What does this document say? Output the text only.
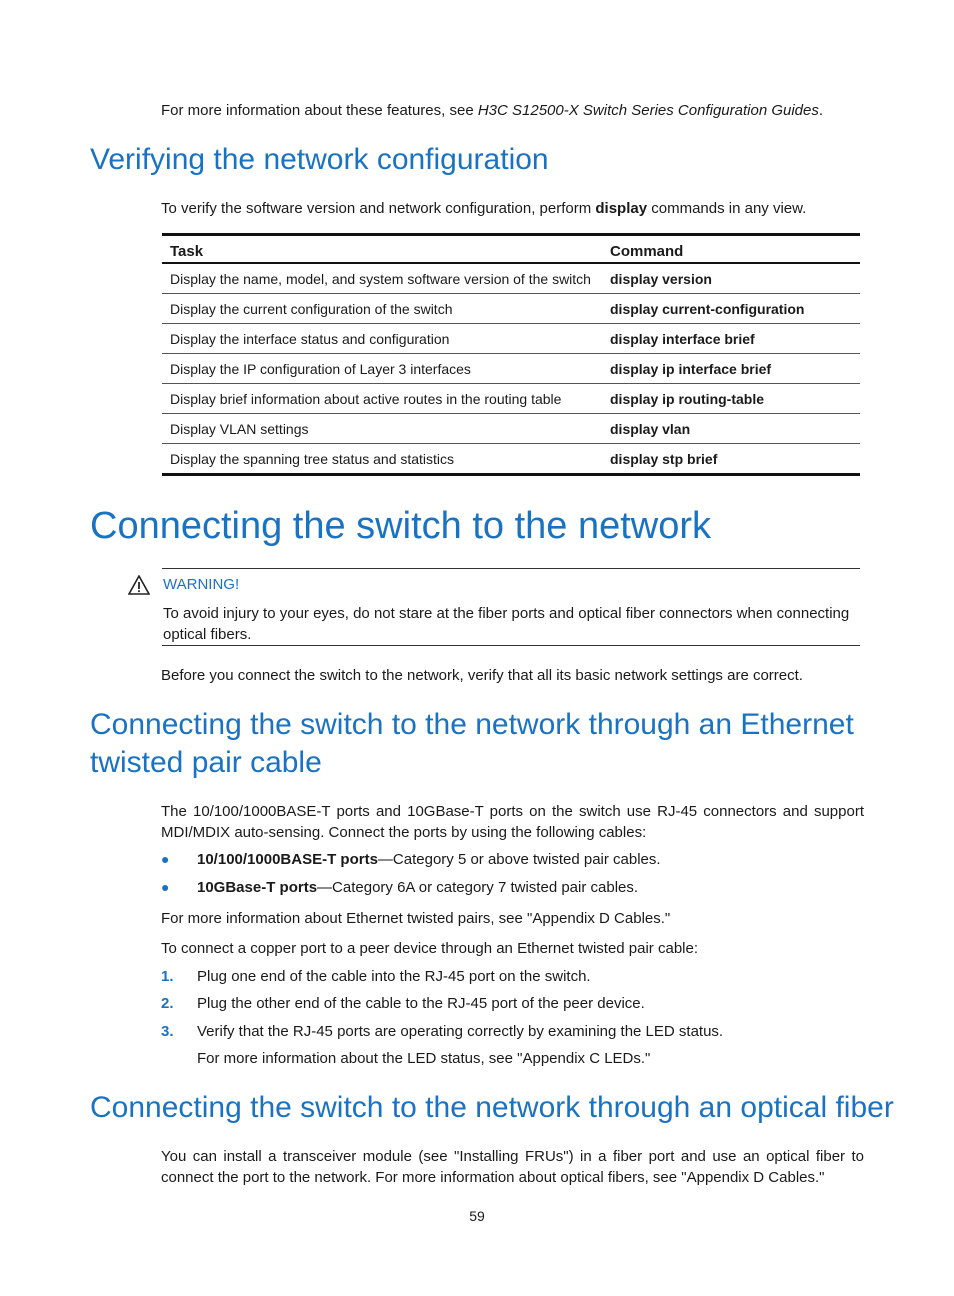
For more information about these features, see H3C S12500-X Switch Series Configuration Guides.
Verifying the network configuration
To verify the software version and network configuration, perform display commands in any view.
Task	Command
Display the name, model, and system software version of the switch	display version
Display the current configuration of the switch	display current-configuration
Display the interface status and configuration	display interface brief
Display the IP configuration of Layer 3 interfaces	display ip interface brief
Display brief information about active routes in the routing table	display ip routing-table
Display VLAN settings	display vlan
Display the spanning tree status and statistics	display stp brief
Connecting the switch to the network
WARNING!
To avoid injury to your eyes, do not stare at the fiber ports and optical fiber connectors when connecting optical fibers.
Before you connect the switch to the network, verify that all its basic network settings are correct.
Connecting the switch to the network through an Ethernet
twisted pair cable
The 10/100/1000BASE-T ports and 10GBase-T ports on the switch use RJ-45 connectors and support MDI/MDIX auto-sensing. Connect the ports by using the following cables:
●	10/100/1000BASE-T ports—Category 5 or above twisted pair cables.
●	10GBase-T ports—Category 6A or category 7 twisted pair cables.
For more information about Ethernet twisted pairs, see "Appendix D Cables."
To connect a copper port to a peer device through an Ethernet twisted pair cable:
1.	Plug one end of the cable into the RJ-45 port on the switch.
2.	Plug the other end of the cable to the RJ-45 port of the peer device.
3.	Verify that the RJ-45 ports are operating correctly by examining the LED status.
For more information about the LED status, see "Appendix C LEDs."
Connecting the switch to the network through an optical fiber
You can install a transceiver module (see "Installing FRUs") in a fiber port and use an optical fiber to connect the port to the network. For more information about optical fibers, see "Appendix D Cables."
59
